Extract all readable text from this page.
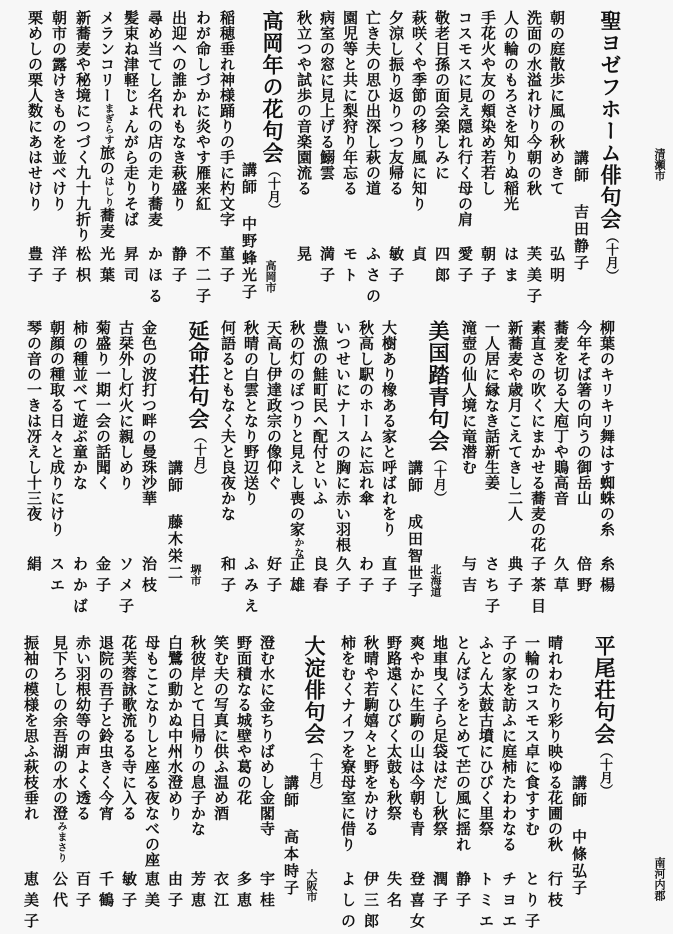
聖ヨゼフホーム俳句会（十月）
清瀬市
講師 吉田静子
朝の庭散歩に風の秋めきて
弘明
洗面の水溢れけり今朝の秋
芙美子
人の輪のもろさを知りぬ稲光
はま
手花火や友の頬染め若若し
朝子
コスモスに見え隠れ行く母の肩
愛子
敬老日孫の面会楽しみに
四郎
萩咲くや季節の移り風に知り
貞
夕涼し振り返りつつ友帰る
敏子
亡き夫の思ひ出深し萩の道
ふさの
園児等と共に梨狩り年忘る
モト
病室の窓に見上げる鰯雲
満子
秋立つや試歩の音楽園流る
晃
高岡年の花句会（十月）
高岡市
講師 中野蜂光子
稲穂垂れ神様踊りの手に杓文字
菫子
わが命しづかに炎やす雁来紅
不二子
出迎への誰かれもなき萩盛り
静子
尋め当てし名代の店の走り蕎麦
かほる
髪束ね津軽じょんがら走りそば
昇司
メランコリーまぎらす旅のはしり蕎麦
光葉
新蕎麦や秘境につづく九十九折り
松枳
朝市の露けきものを並べけり
洋子
栗めしの栗人数にあはせけり
豊子
柳葉のキリキリ舞はす蜘蛛の糸
糸楊
今年そば箸の向うの御岳山
倍野
蕎麦を切る大庖丁や鵙高音
久草
素直さの吹くにまかせる蕎麦の花
子茶目
新蕎麦や歳月こえてきし二人
典子
一人居に縁なき話新生姜
さち子
滝壺の仙人境に竜潜む
与吉
美国踏青句会（十月）
北海道
講師 成田智世子
大樹あり橡ある家と呼ばれをり
直子
秋高し駅のホームに忘れ傘
わ子
いつせいにナースの胸に赤い羽根
久子
豊漁の鮭町民へ配付といふ
良春
秋の灯のぽつりと見えし喪の家かな
正雄
天高し伊達政宗の像仰ぐ
好子
秋晴の白雲となり野辺送り
ふみえ
何語るともなく夫と良夜かな
和子
延命荘句会（十月）
堺市
講師 藤木栄二
金色の波打つ畔の曼珠沙華
治枝
古栞外し灯火に親しめり
ソメ子
菊盛り一期一会の話聞く
金子
柿の種並べて遊ぶ童かな
わかば
朝顔の種取る日々と成りにけり
スエ
琴の音の一きは冴えし十三夜
絹
平尾荘句会（十月）
南河内郡
講師 中條弘子
晴れわたり彩り映ゆる花圃の秋
行枝
一輪のコスモス卓に食すすむ
とり子
子の家を訪ふに庭柿たわわなる
チヨエ
ふとん太鼓古墳にひびく里祭
トミエ
とんぼうをとめて芒の風に揺れ
静子
地車曳く子ら足袋はだし秋祭
潤子
爽やかに生駒の山は今朝も青
登喜女
野路遠くひびく太鼓も秋祭
失名
秋晴や若駒嬉々と野をかける
伊三郎
柿をむくナイフを寮母室に借り
よしの
大淀俳句会（十月）
大阪市
講師 高本時子
澄む水に金ちりばめし金閣寺
宇桂
野面積なる城壁や葛の花
多恵
笑む夫の写真に供ふ温め酒
衣江
秋彼岸とて日帰りの息子かな
芳恵
白鷺の動かぬ中州水澄めり
由子
母もここなりしと座る夜なべの座
恵美
花芙蓉詠歌流るる寺に入る
敏子
退院の吾子と鈴虫きく今宵
千鶴
赤い羽根幼等の声よく透る
百子
見下ろしの余吾湖の水の澄みまさり
公代
振袖の模様を思ふ萩枝垂れ
恵美子
